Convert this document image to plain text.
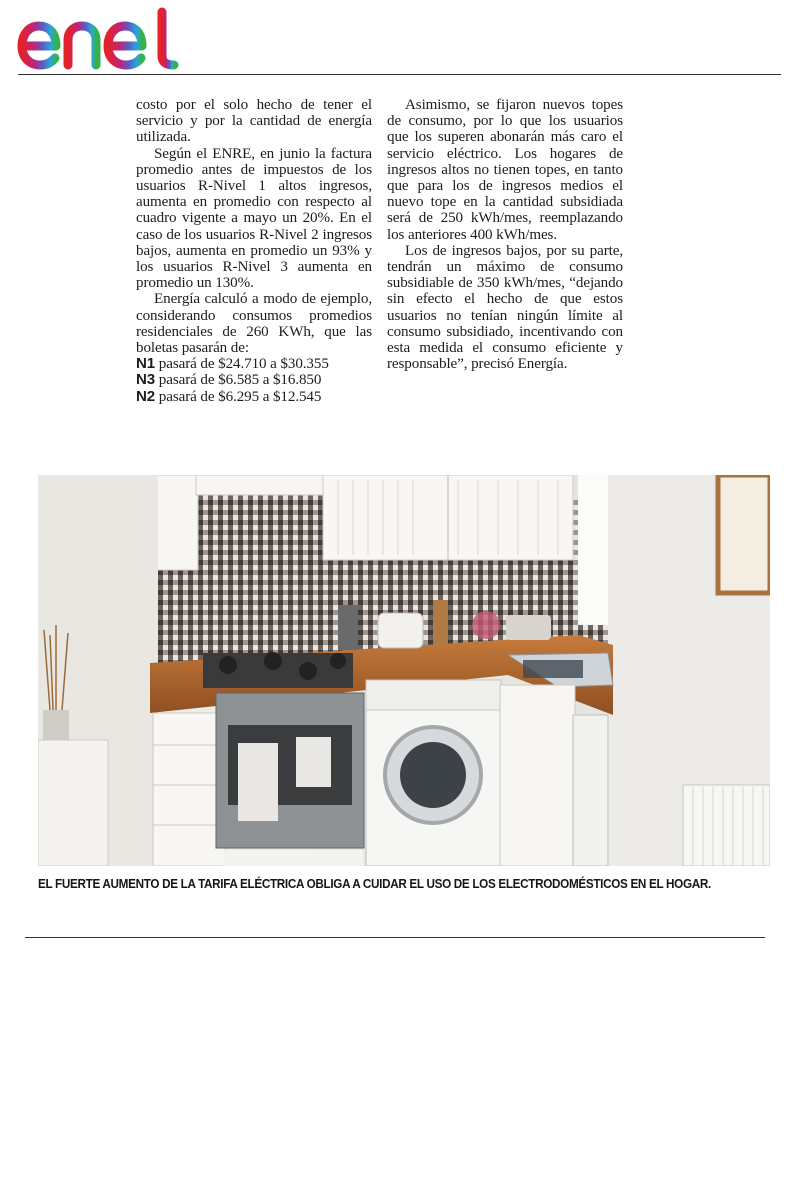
costo por el solo hecho de tener el servicio y por la cantidad de energía utilizada.

Según el ENRE, en junio la factura promedio antes de impuestos de los usuarios R-Nivel 1 altos ingresos, aumenta en promedio con respecto al cuadro vigente a mayo un 20%. En el caso de los usuarios R-Nivel 2 ingresos bajos, aumenta en promedio un 93% y los usuarios R-Nivel 3 aumenta en promedio un 130%.

Energía calculó a modo de ejemplo, considerando consumos promedios residenciales de 260 KWh, que las boletas pasarán de:

N1 pasará de $24.710 a $30.355
N3 pasará de $6.585 a $16.850
N2 pasará de $6.295 a $12.545

Asimismo, se fijaron nuevos topes de consumo, por lo que los usuarios que los superen abonarán más caro el servicio eléctrico. Los hogares de ingresos altos no tienen topes, en tanto que para los de ingresos medios el nuevo tope en la cantidad subsidiada será de 250 kWh/mes, reemplazando los anteriores 400 kWh/mes.

Los de ingresos bajos, por su parte, tendrán un máximo de consumo subsidiable de 350 kWh/mes, “dejando sin efecto el hecho de que estos usuarios no tenían ningún límite al consumo subsidiado, incentivando con esta medida el consumo eficiente y responsable”, precisó Energía.

EL FUERTE AUMENTO DE LA TARIFA ELÉCTRICA OBLIGA A CUIDAR EL USO DE LOS ELECTRODOMÉSTICOS EN EL HOGAR.
